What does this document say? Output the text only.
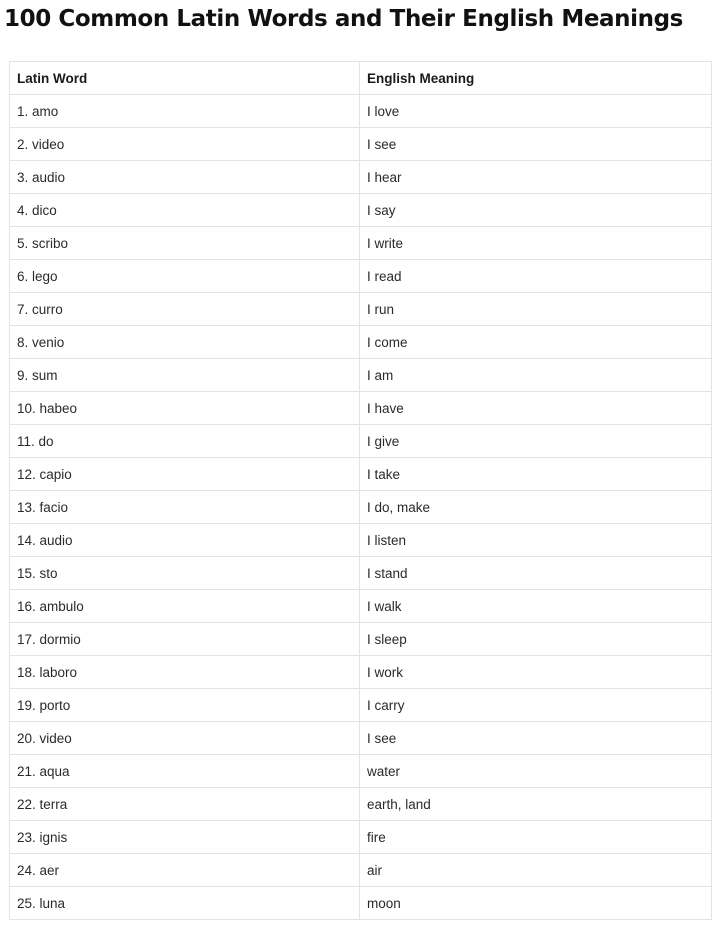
100 Common Latin Words and Their English Meanings
Latin Word	English Meaning
1. amo	I love
2. video	I see
3. audio	I hear
4. dico	I say
5. scribo	I write
6. lego	I read
7. curro	I run
8. venio	I come
9. sum	I am
10. habeo	I have
11. do	I give
12. capio	I take
13. facio	I do, make
14. audio	I listen
15. sto	I stand
16. ambulo	I walk
17. dormio	I sleep
18. laboro	I work
19. porto	I carry
20. video	I see
21. aqua	water
22. terra	earth, land
23. ignis	fire
24. aer	air
25. luna	moon
